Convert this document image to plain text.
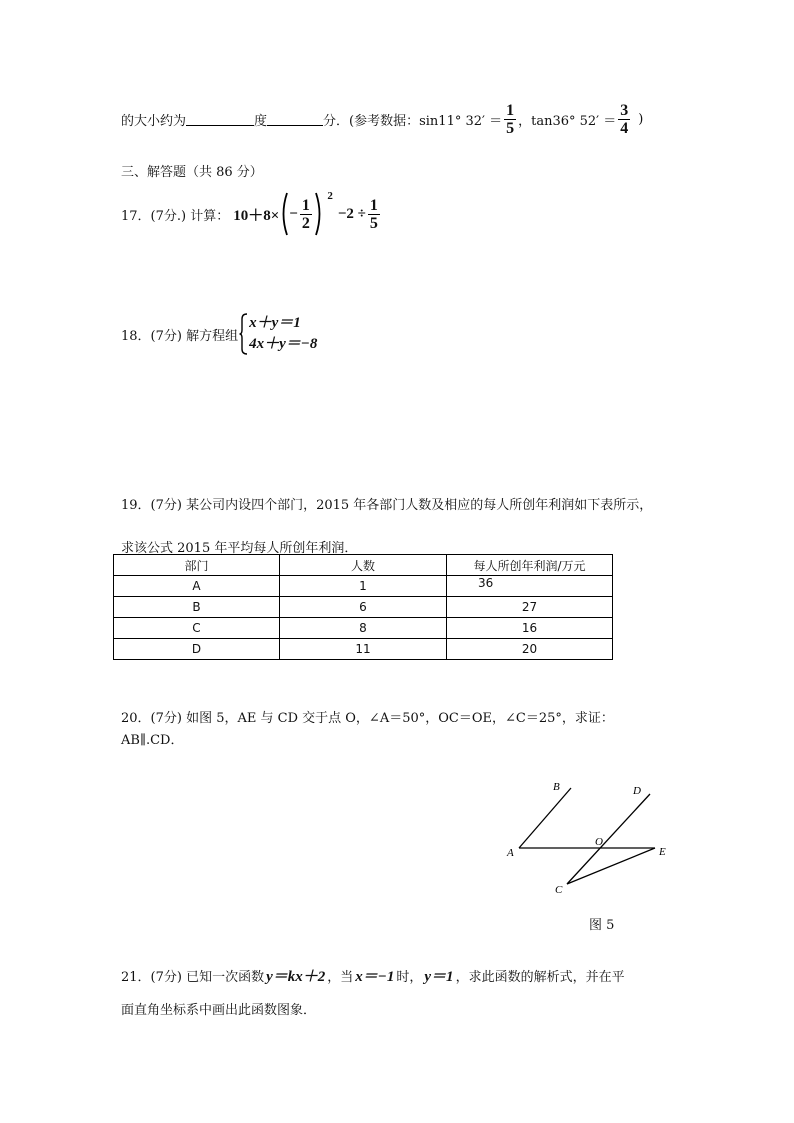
的大小约为	度	分．(参考数据：sin11° $32' = \frac{1}{5}$ ，tan36° $52' = \frac{3}{4}$ )
三、解答题（共 86 分）
17．(7分.) 计算： $10+8\times - \frac{1}{2}$
2
$-2 \div \frac{1}{5}$
18．(7分) 解方程组
x＋y＝1
4x＋y＝−8
19．(7分) 某公司内设四个部门，2015 年各部门人数及相应的每人所创年利润如下表所示，
求该公式 2015 年平均每人所创年利润．
部门	人数	每人所创年利润/万元
A	1	36
B	6	27
C	8	16
D	11	20
20．(7分) 如图 5，AE 与 CD 交于点 O，∠A＝50°，OC＝OE，∠C＝25°，求证：
AB∥.CD．
A
B
C
D
E
O
图 5
21．(7分) 已知一次函数 y＝kx＋2 ，当 x＝−1 时， y＝1 ，求此函数的解析式，并在平
面直角坐标系中画出此函数图象．
